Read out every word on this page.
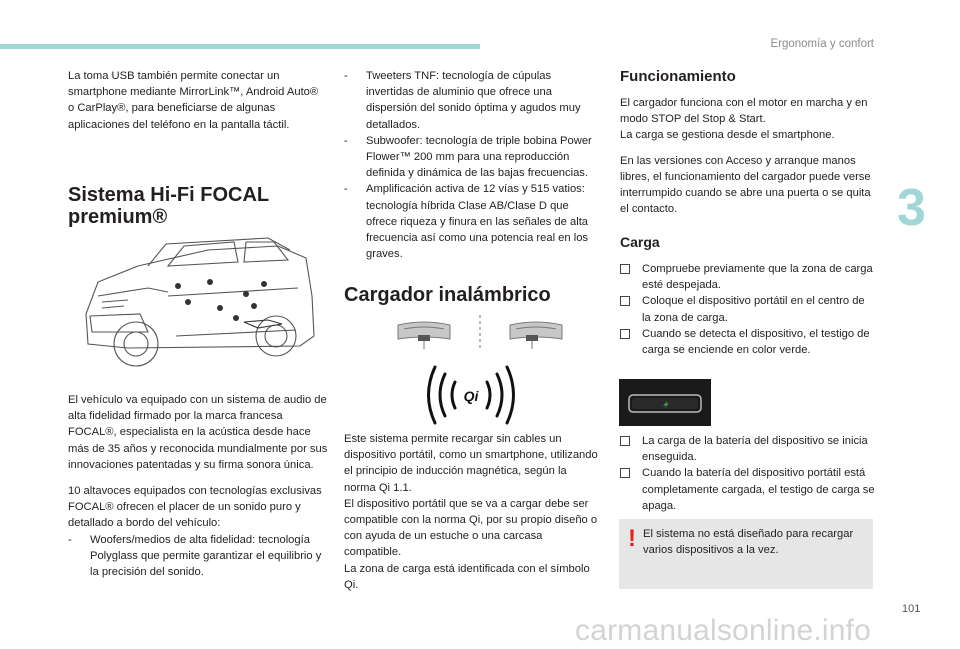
Ergonomía y confort
3

La toma USB también permite conectar un smartphone mediante MirrorLink™, Android Auto® o CarPlay®, para beneficiarse de algunas aplicaciones del teléfono en la pantalla táctil.

Sistema Hi-Fi FOCAL

premium®

El vehículo va equipado con un sistema de audio de alta fidelidad firmado por la marca francesa FOCAL®, especialista en la acústica desde hace más de 35 años y reconocida mundialmente por sus innovaciones patentadas y su firma sonora única.

10 altavoces equipados con tecnologías exclusivas FOCAL® ofrecen el placer de un sonido puro y detallado a bordo del vehículo:

- Woofers/medios de alta fidelidad: tecnología Polyglass que permite garantizar el equilibrio y la precisión del sonido.
- Tweeters TNF: tecnología de cúpulas invertidas de aluminio que ofrece una dispersión del sonido óptima y agudos muy detallados.
- Subwoofer: tecnología de triple bobina Power Flower™ 200 mm para una reproducción definida y dinámica de las bajas frecuencias.
- Amplificación activa de 12 vías y 515 vatios: tecnología híbrida Clase AB/Clase D que ofrece riqueza y finura en las señales de alta frecuencia así como una potencia real en los graves.

Cargador inalámbrico

Qi

Este sistema permite recargar sin cables un dispositivo portátil, como un smartphone, utilizando el principio de inducción magnética, según la norma Qi 1.1.

El dispositivo portátil que se va a cargar debe ser compatible con la norma Qi, por su propio diseño o con ayuda de un estuche o una carcasa compatible.

La zona de carga está identificada con el símbolo Qi.

Funcionamiento

El cargador funciona con el motor en marcha y en modo STOP del Stop & Start.

La carga se gestiona desde el smartphone.

En las versiones con Acceso y arranque manos libres, el funcionamiento del cargador puede verse interrumpido cuando se abre una puerta o se quita el contacto.

Carga

Compruebe previamente que la zona de carga esté despejada.
Coloque el dispositivo portátil en el centro de la zona de carga.
Cuando se detecta el dispositivo, el testigo de carga se enciende en color verde.
La carga de la batería del dispositivo se inicia enseguida.
Cuando la batería del dispositivo portátil está completamente cargada, el testigo de carga se apaga.
! El sistema no está diseñado para recargar varios dispositivos a la vez.

101
carmanualsonline.info
